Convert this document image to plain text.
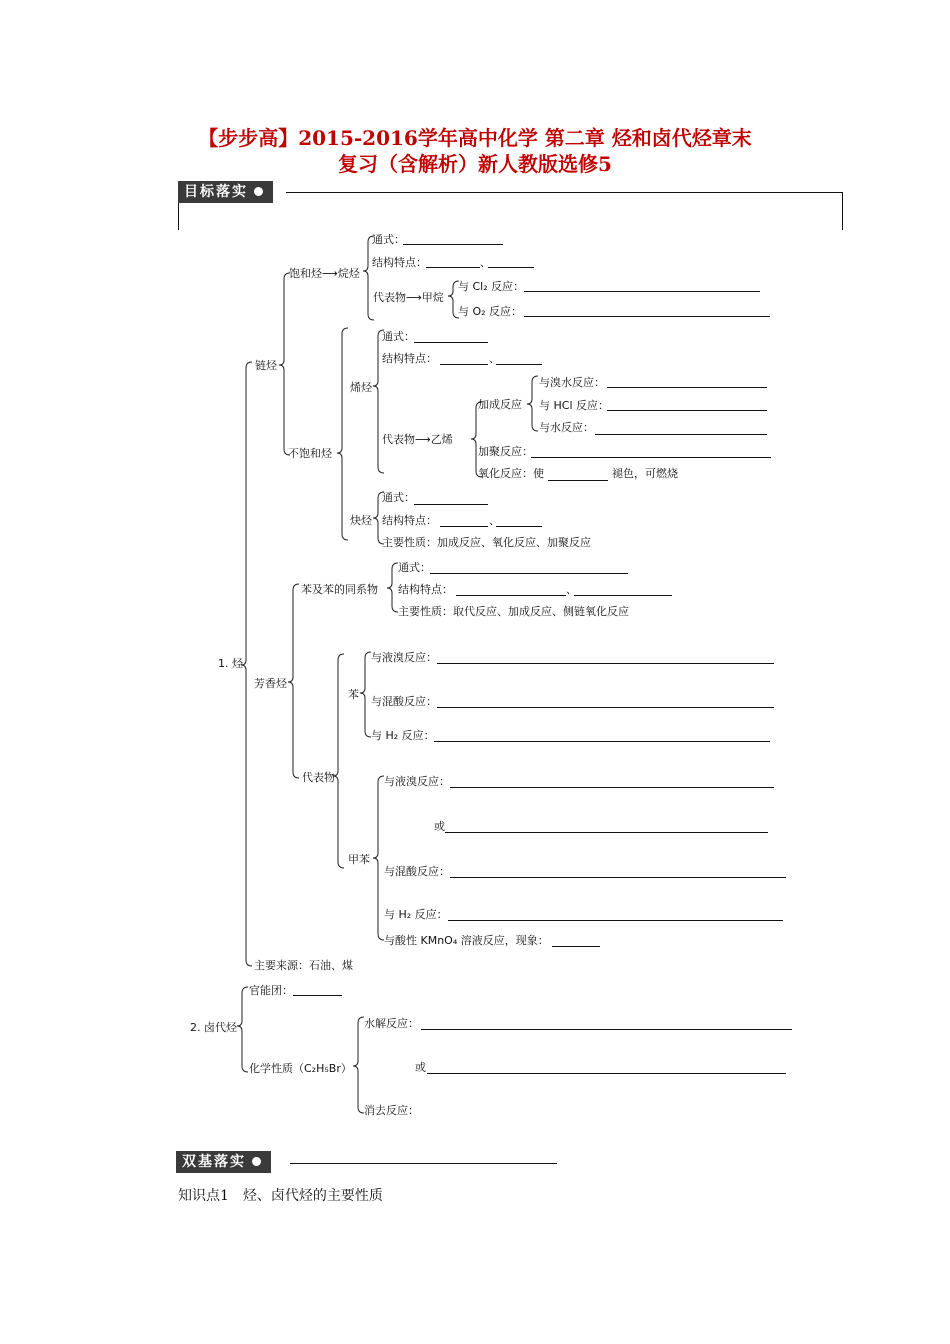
【步步高】2015-2016学年高中化学 第二章 烃和卤代烃章末
复习（含解析）新人教版选修5
目标落实
1. 烃
链烃
饱和烃⟶烷烃
通式：
结构特点：	、
代表物⟶甲烷
与 Cl₂ 反应：
与 O₂ 反应：
不饱和烃
烯烃
通式：
结构特点：	、
代表物⟶乙烯
加成反应
与溴水反应：
与 HCl 反应：
与水反应：
加聚反应：
氧化反应：使	褪色，可燃烧
炔烃
通式：
结构特点：	、
主要性质：加成反应、氧化反应、加聚反应
芳香烃
苯及苯的同系物
通式：
结构特点：	、
主要性质：取代反应、加成反应、侧链氧化反应
代表物
苯
与液溴反应：
与混酸反应：
与 H₂ 反应：
甲苯
与液溴反应：
或
与混酸反应：
与 H₂ 反应：
与酸性 KMnO₄ 溶液反应，现象：
主要来源：石油、煤
2. 卤代烃
官能团：
化学性质（C₂H₅Br）
水解反应：
或
消去反应：
双基落实
知识点1　烃、卤代烃的主要性质
